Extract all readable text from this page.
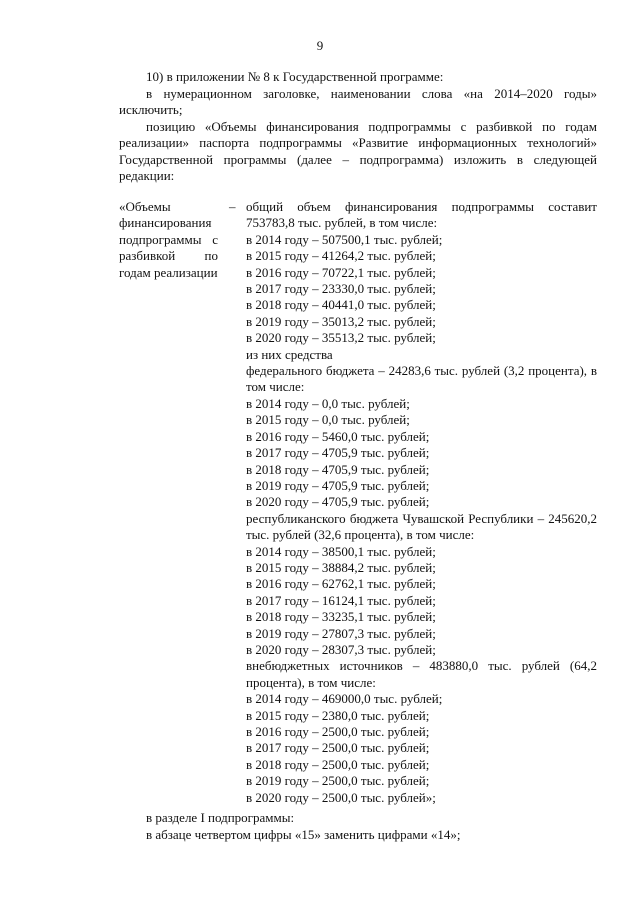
9
10) в приложении № 8 к Государственной программе:
в нумерационном заголовке, наименовании слова «на 2014–2020 годы» исключить;
позицию «Объемы финансирования подпрограммы с разбивкой по годам реализации» паспорта подпрограммы «Развитие информационных технологий» Государственной программы (далее – подпрограмма) изложить в следующей редакции:
«Объемы финансирования подпрограммы с разбивкой по годам реализации
– общий объем финансирования подпрограммы составит 753783,8 тыс. рублей, в том числе:
в 2014 году – 507500,1 тыс. рублей;
в 2015 году – 41264,2 тыс. рублей;
в 2016 году – 70722,1 тыс. рублей;
в 2017 году – 23330,0 тыс. рублей;
в 2018 году – 40441,0 тыс. рублей;
в 2019 году – 35013,2 тыс. рублей;
в 2020 году – 35513,2 тыс. рублей;
из них средства
федерального бюджета – 24283,6 тыс. рублей (3,2 процента), в том числе:
в 2014 году – 0,0 тыс. рублей;
в 2015 году – 0,0 тыс. рублей;
в 2016 году – 5460,0 тыс. рублей;
в 2017 году – 4705,9 тыс. рублей;
в 2018 году – 4705,9 тыс. рублей;
в 2019 году – 4705,9 тыс. рублей;
в 2020 году – 4705,9 тыс. рублей;
республиканского бюджета Чувашской Республики – 245620,2 тыс. рублей (32,6 процента), в том числе:
в 2014 году – 38500,1 тыс. рублей;
в 2015 году – 38884,2 тыс. рублей;
в 2016 году – 62762,1 тыс. рублей;
в 2017 году – 16124,1 тыс. рублей;
в 2018 году – 33235,1 тыс. рублей;
в 2019 году – 27807,3 тыс. рублей;
в 2020 году – 28307,3 тыс. рублей;
внебюджетных источников – 483880,0 тыс. рублей (64,2 процента), в том числе:
в 2014 году – 469000,0 тыс. рублей;
в 2015 году – 2380,0 тыс. рублей;
в 2016 году – 2500,0 тыс. рублей;
в 2017 году – 2500,0 тыс. рублей;
в 2018 году – 2500,0 тыс. рублей;
в 2019 году – 2500,0 тыс. рублей;
в 2020 году – 2500,0 тыс. рублей»;
в разделе I подпрограммы:
в абзаце четвертом цифры «15» заменить цифрами «14»;
